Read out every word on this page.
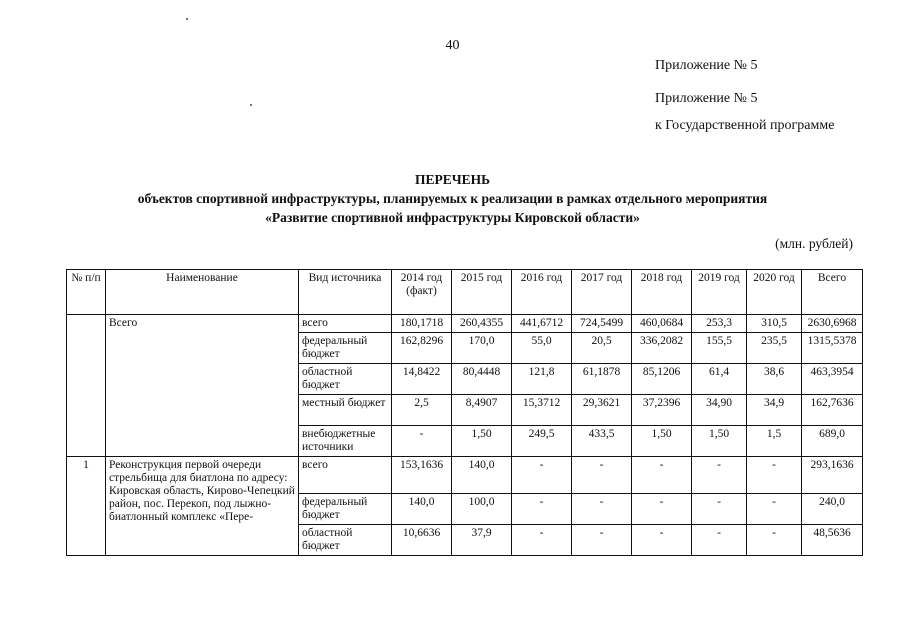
40
Приложение № 5
Приложение № 5
к Государственной программе
ПЕРЕЧЕНЬ
объектов спортивной инфраструктуры, планируемых к реализации в рамках отдельного мероприятия
«Развитие спортивной инфраструктуры Кировской области»
(млн. рублей)
№ п/п	Наименование	Вид источника	2014 год (факт)	2015 год	2016 год	2017 год	2018 год	2019 год	2020 год	Всего
	Всего	всего	180,1718	260,4355	441,6712	724,5499	460,0684	253,3	310,5	2630,6968
		федеральный бюджет	162,8296	170,0	55,0	20,5	336,2082	155,5	235,5	1315,5378
		областной бюджет	14,8422	80,4448	121,8	61,1878	85,1206	61,4	38,6	463,3954
		местный бюджет	2,5	8,4907	15,3712	29,3621	37,2396	34,90	34,9	162,7636
		внебюджетные источники	-	1,50	249,5	433,5	1,50	1,50	1,5	689,0
1	Реконструкция первой очереди стрельбища для биатлона по адресу: Кировская область, Кирово-Чепецкий район, пос. Перекоп, под лыжно-биатлонный комплекс «Пере-	всего	153,1636	140,0	-	-	-	-	-	293,1636
		федеральный бюджет	140,0	100,0	-	-	-	-	-	240,0
		областной бюджет	10,6636	37,9	-	-	-	-	-	48,5636
